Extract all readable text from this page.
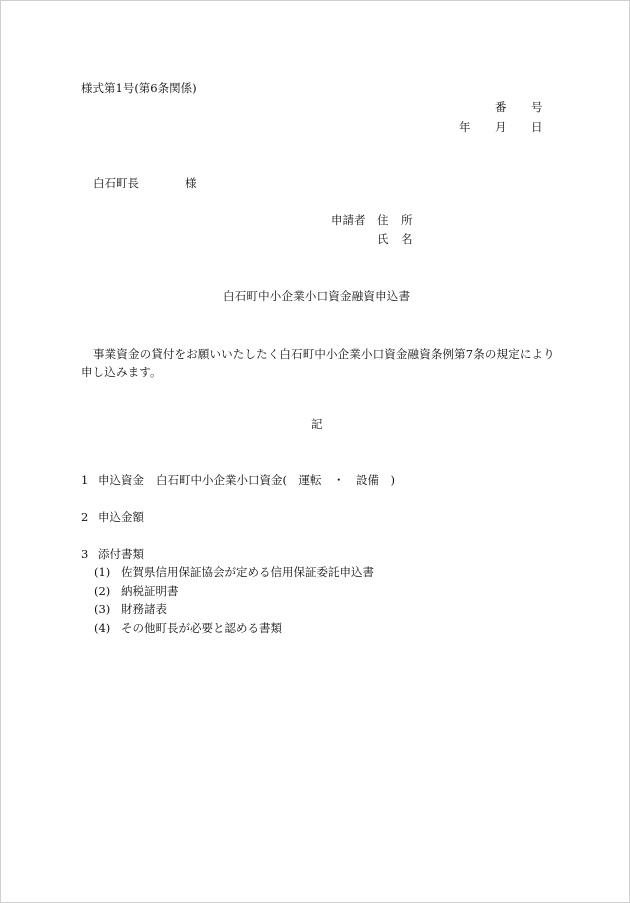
様式第1号(第6条関係)
番 号
年 月 日
白石町長	様
申請者 住 所
氏 名
白石町中小企業小口資金融資申込書
事業資金の貸付をお願いいたしたく白石町中小企業小口資金融資条例第7条の規定により申し込みます。
記
1 申込資金 白石町中小企業小口資金(　運転　・　設備　)
2 申込金額
3 添付書類
(1) 佐賀県信用保証協会が定める信用保証委託申込書
(2) 納税証明書
(3) 財務諸表
(4) その他町長が必要と認める書類
